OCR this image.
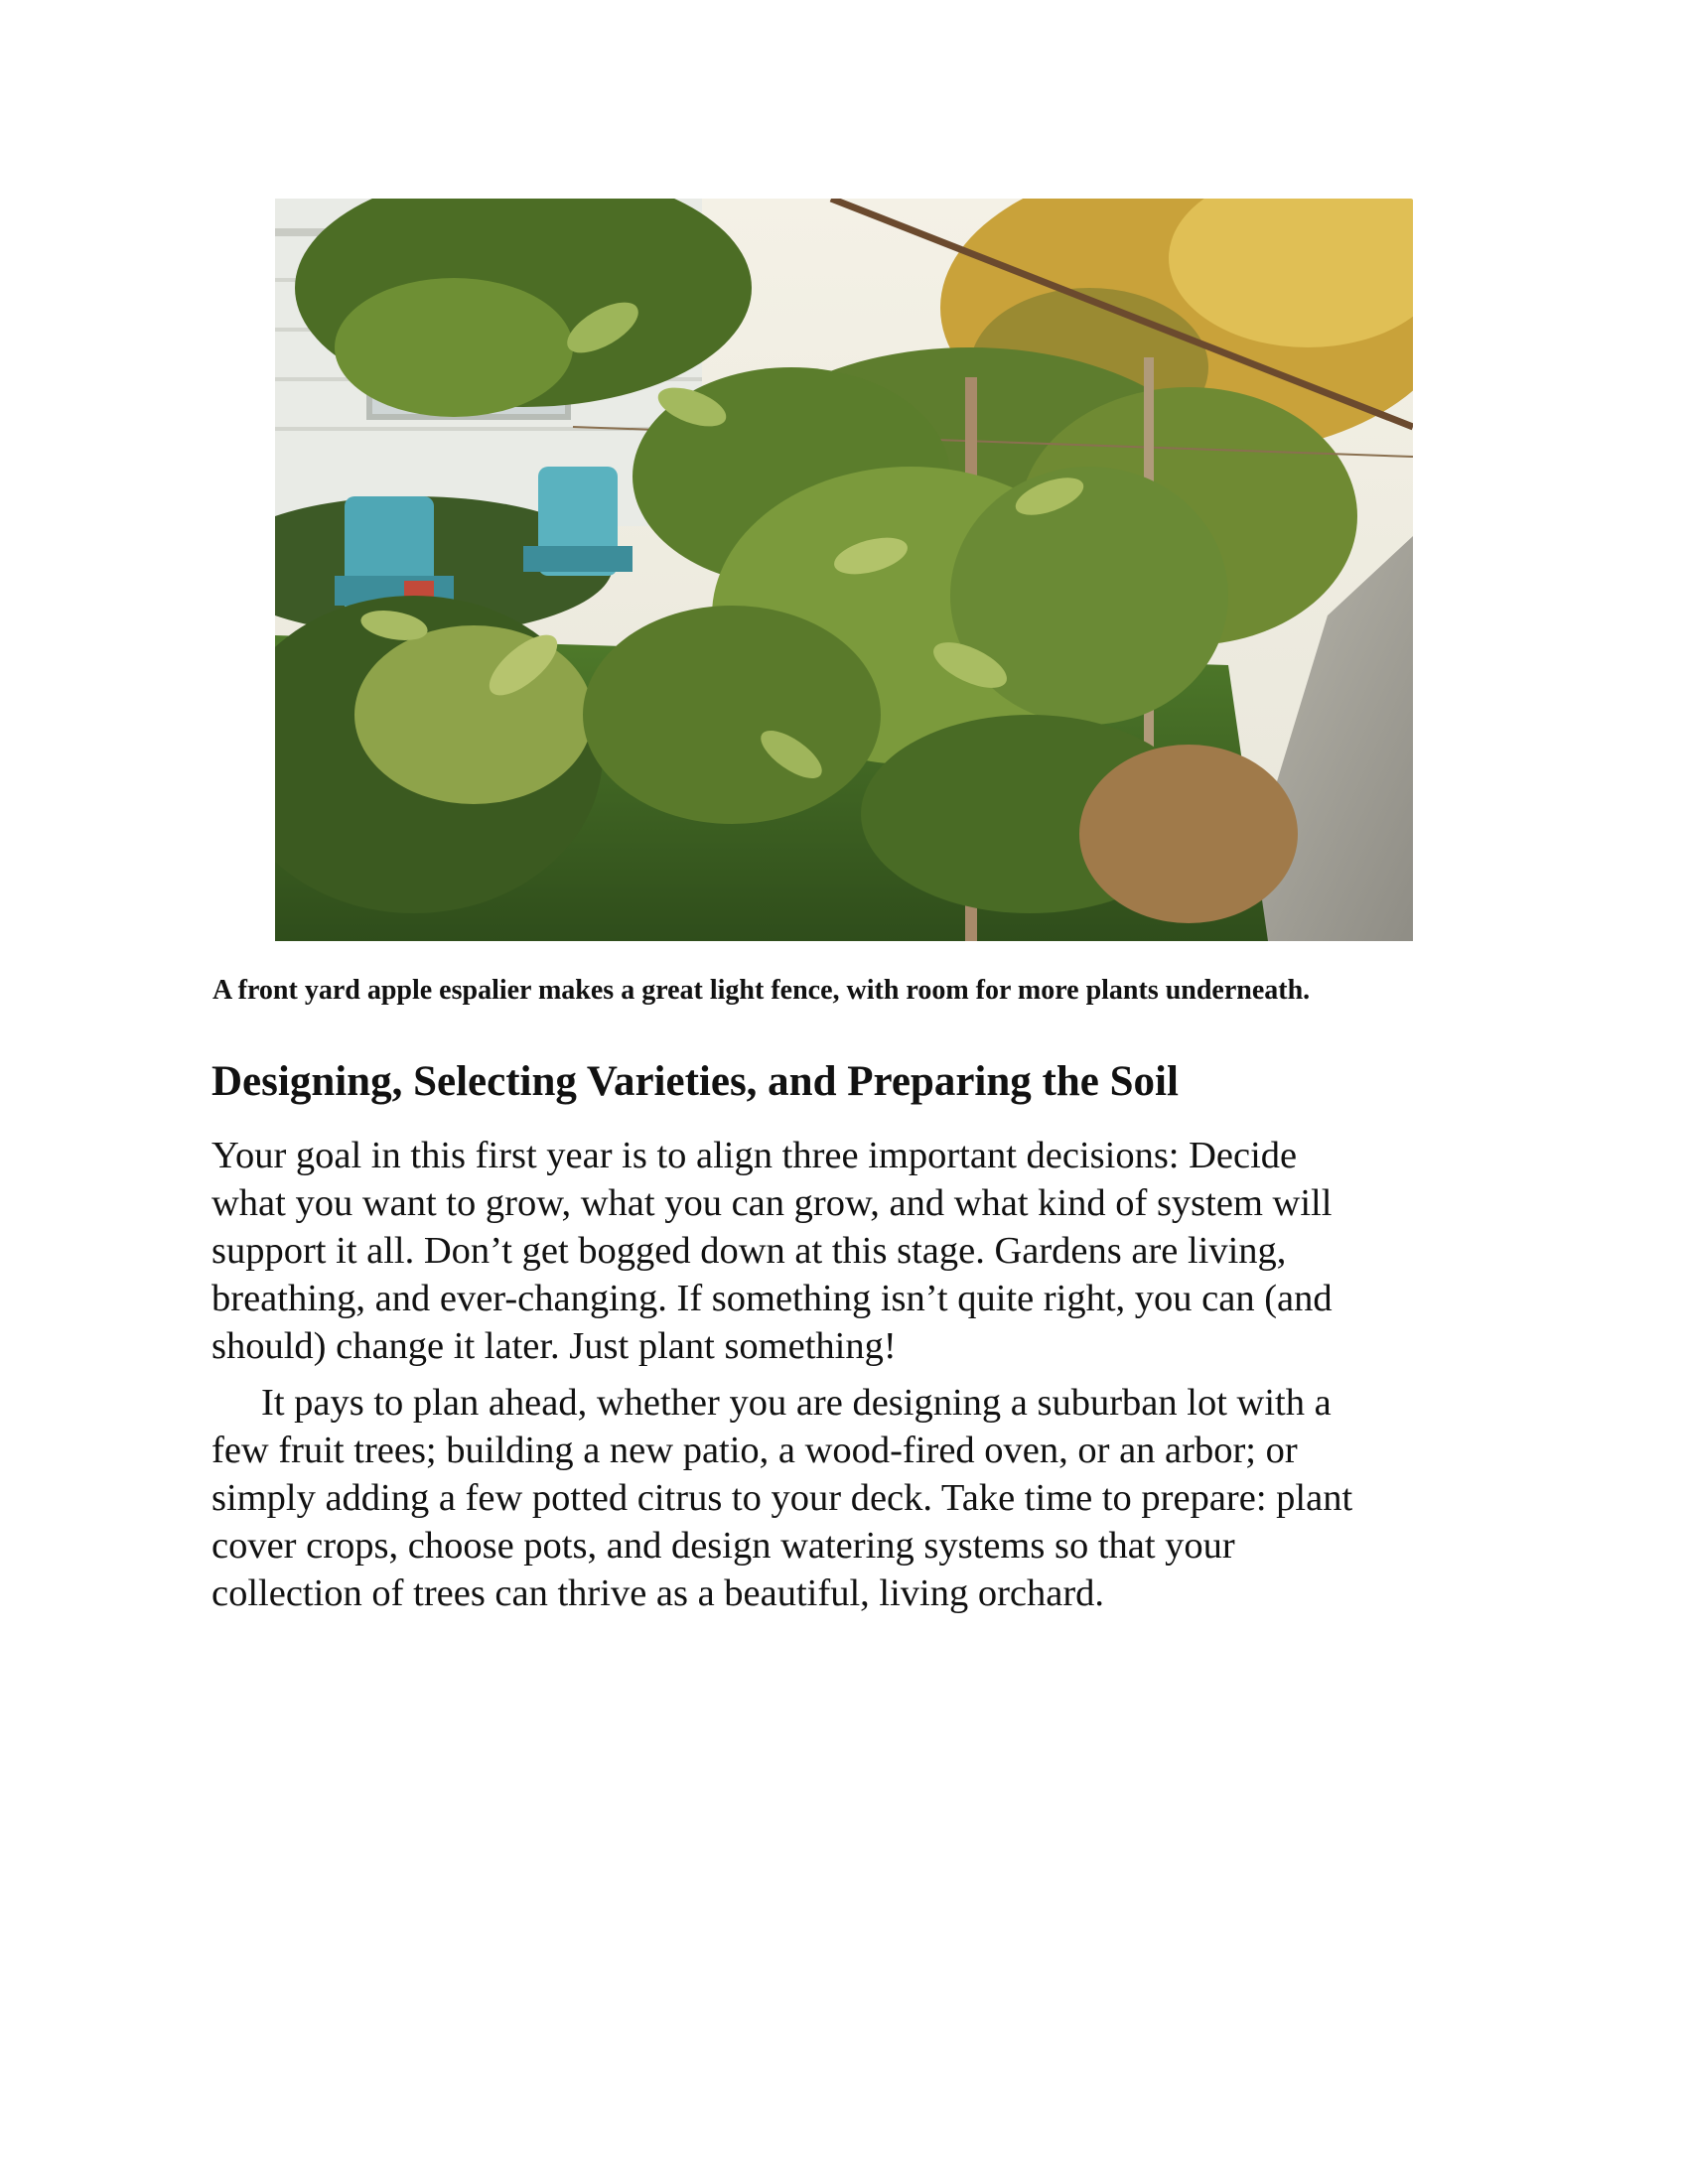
A front yard apple espalier makes a great light fence, with room for more plants underneath.
Designing, Selecting Varieties, and Preparing the Soil

Your goal in this first year is to align three important decisions: Decide
what you want to grow, what you can grow, and what kind of system will
support it all. Don’t get bogged down at this stage. Gardens are living,
breathing, and ever-changing. If something isn’t quite right, you can (and
should) change it later. Just plant something!

It pays to plan ahead, whether you are designing a suburban lot with a
few fruit trees; building a new patio, a wood-fired oven, or an arbor; or
simply adding a few potted citrus to your deck. Take time to prepare: plant
cover crops, choose pots, and design watering systems so that your
collection of trees can thrive as a beautiful, living orchard.
